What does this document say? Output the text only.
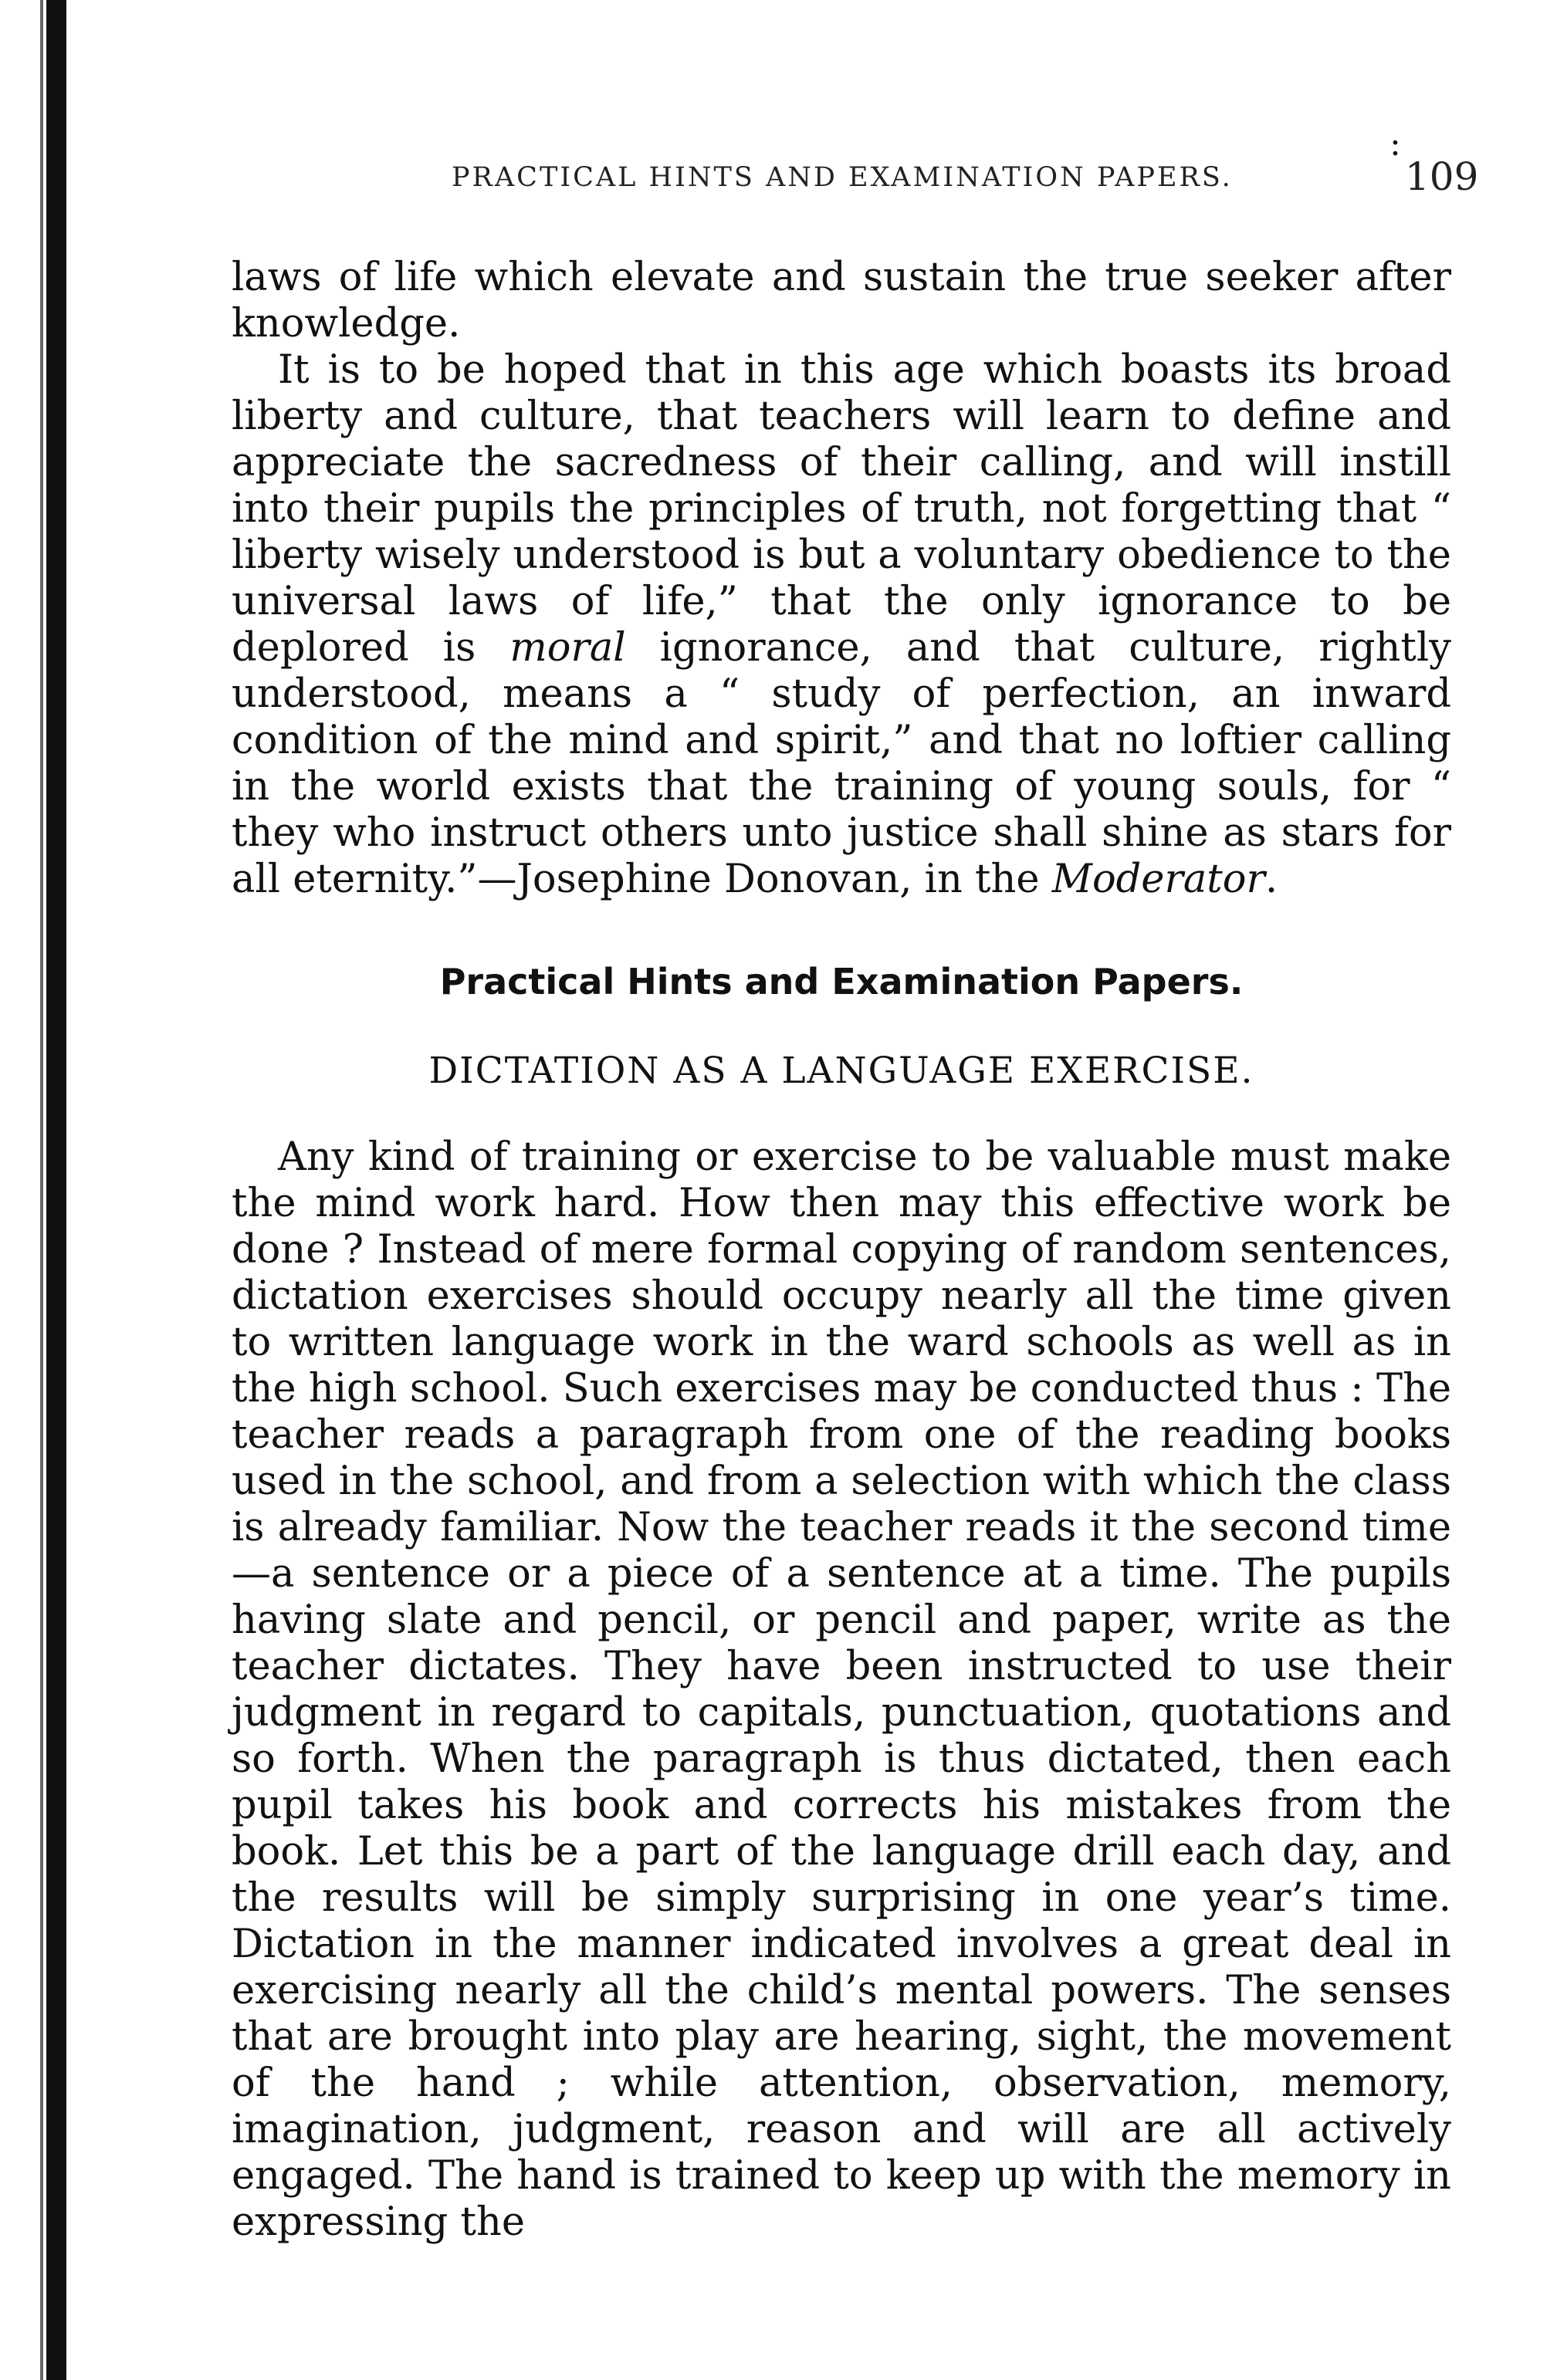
:
PRACTICAL HINTS AND EXAMINATION PAPERS.	109

laws of life which elevate and sustain the true seeker after knowledge.

It is to be hoped that in this age which boasts its broad liberty and culture, that teachers will learn to define and appreciate the sacredness of their calling, and will instill into their pupils the principles of truth, not forgetting that “ liberty wisely understood is but a voluntary obedience to the universal laws of life,” that the only ignorance to be deplored is moral ignorance, and that culture, rightly understood, means a “ study of perfection, an inward condition of the mind and spirit,” and that no loftier calling in the world exists that the training of young souls, for “ they who instruct others unto justice shall shine as stars for all eternity.”—Josephine Donovan, in the Moderator.

Practical Hints and Examination Papers.
DICTATION AS A LANGUAGE EXERCISE.

Any kind of training or exercise to be valuable must make the mind work hard. How then may this effective work be done ? Instead of mere formal copying of random sentences, dictation exercises should occupy nearly all the time given to written language work in the ward schools as well as in the high school. Such exercises may be conducted thus : The teacher reads a paragraph from one of the reading books used in the school, and from a selection with which the class is already familiar. Now the teacher reads it the second time—a sentence or a piece of a sentence at a time. The pupils having slate and pencil, or pencil and paper, write as the teacher dictates. They have been instructed to use their judgment in regard to capitals, punctuation, quotations and so forth. When the paragraph is thus dictated, then each pupil takes his book and corrects his mistakes from the book. Let this be a part of the language drill each day, and the results will be simply surprising in one year’s time. Dictation in the manner indicated involves a great deal in exercising nearly all the child’s mental powers. The senses that are brought into play are hearing, sight, the movement of the hand ; while attention, observation, memory, imagination, judgment, reason and will are all actively engaged. The hand is trained to keep up with the memory in expressing the
